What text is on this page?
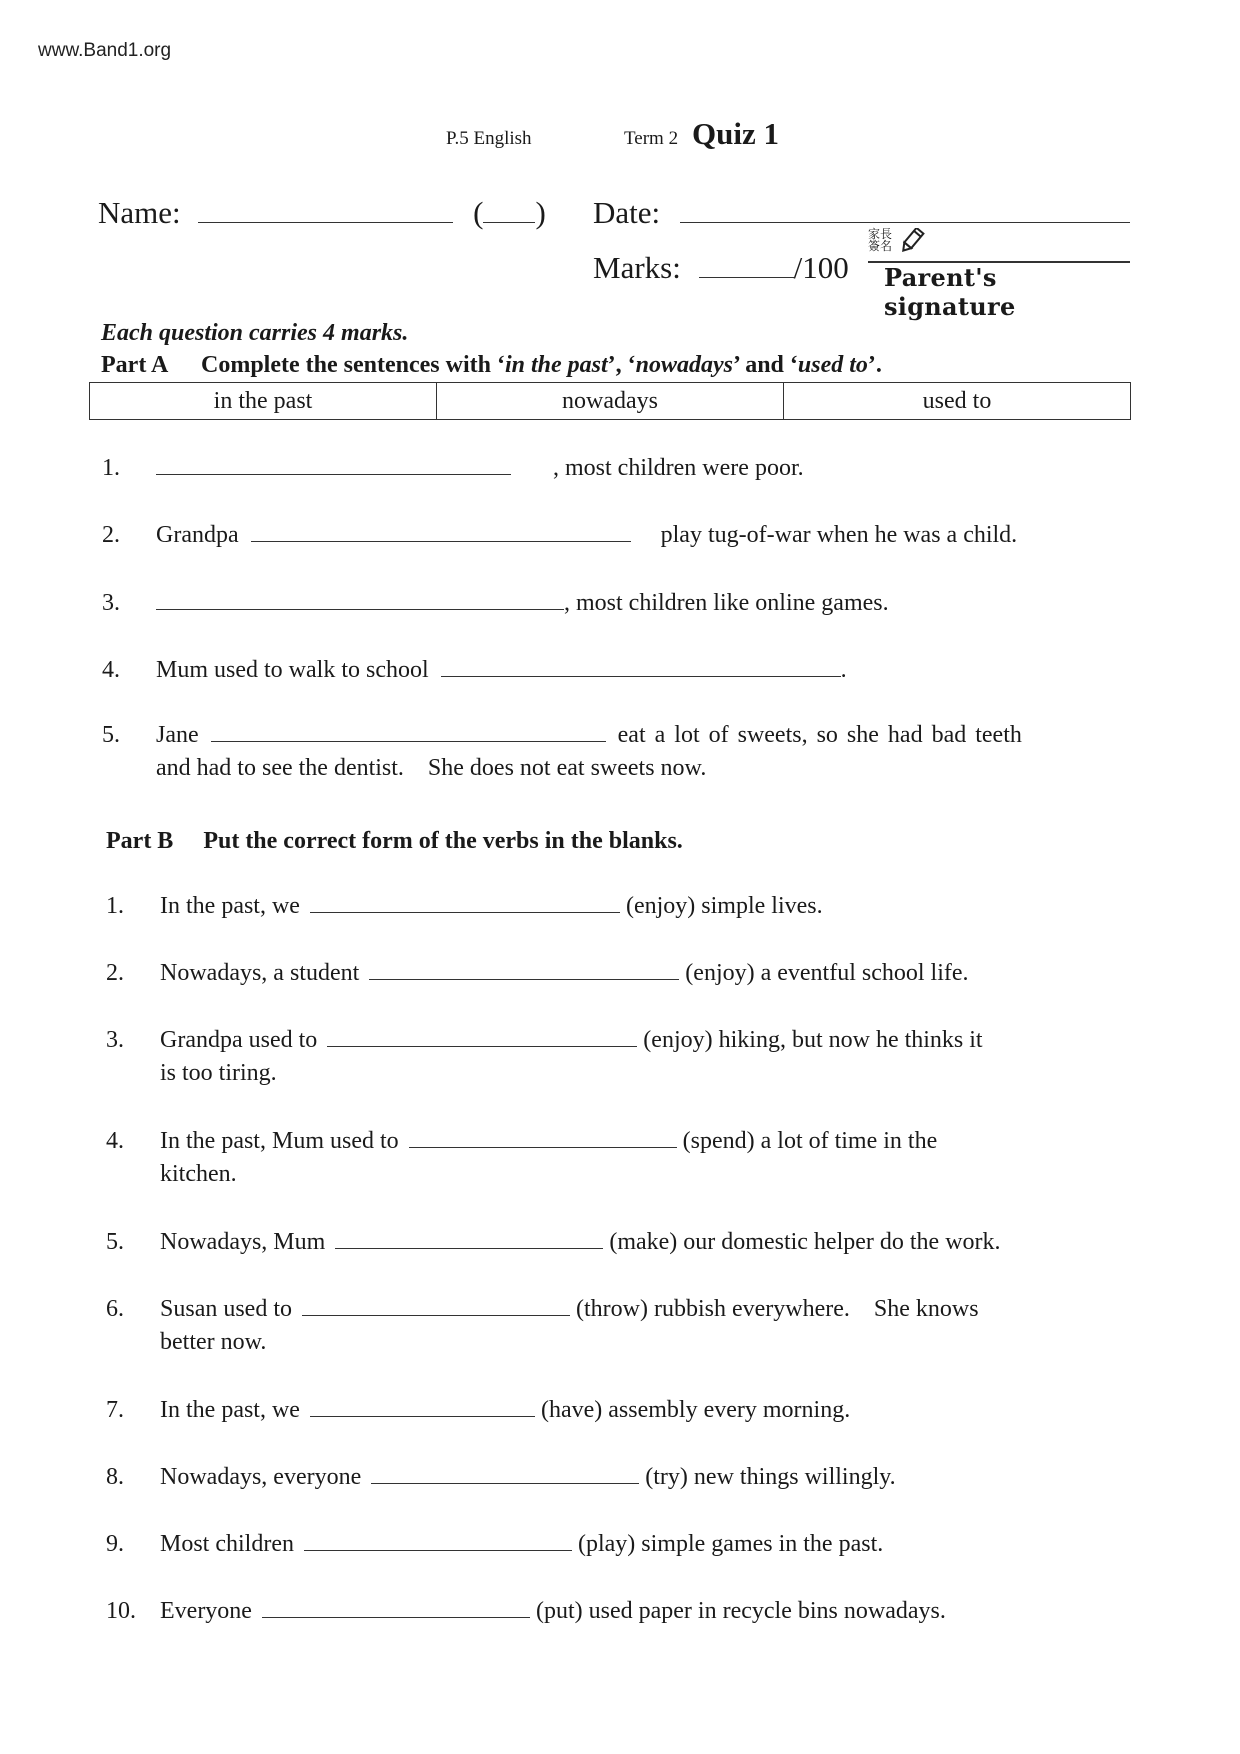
www.Band1.org
P.5 English	Term 2 Quiz 1
Name:	( ) Date:
Marks:	/100
家長
簽名
Parent's signature
Each question carries 4 marks.
Part A Complete the sentences with ‘in the past’, ‘nowadays’ and ‘used to’.
in the past	nowadays	used to
1.	, most children were poor.
2. Grandpa	play tug-of-war when he was a child.
3.	, most children like online games.
4. Mum used to walk to school	.
5. Jane	eat a lot of sweets, so she had bad teeth
and had to see the dentist.    She does not eat sweets now.
Part B Put the correct form of the verbs in the blanks.
1. In the past, we	(enjoy) simple lives.
2. Nowadays, a student	(enjoy) a eventful school life.
3. Grandpa used to	(enjoy) hiking, but now he thinks it
is too tiring.
4. In the past, Mum used to	(spend) a lot of time in the
kitchen.
5. Nowadays, Mum	(make) our domestic helper do the work.
6. Susan used to	(throw) rubbish everywhere.    She knows
better now.
7. In the past, we	(have) assembly every morning.
8. Nowadays, everyone	(try) new things willingly.
9. Most children	(play) simple games in the past.
10. Everyone	(put) used paper in recycle bins nowadays.
